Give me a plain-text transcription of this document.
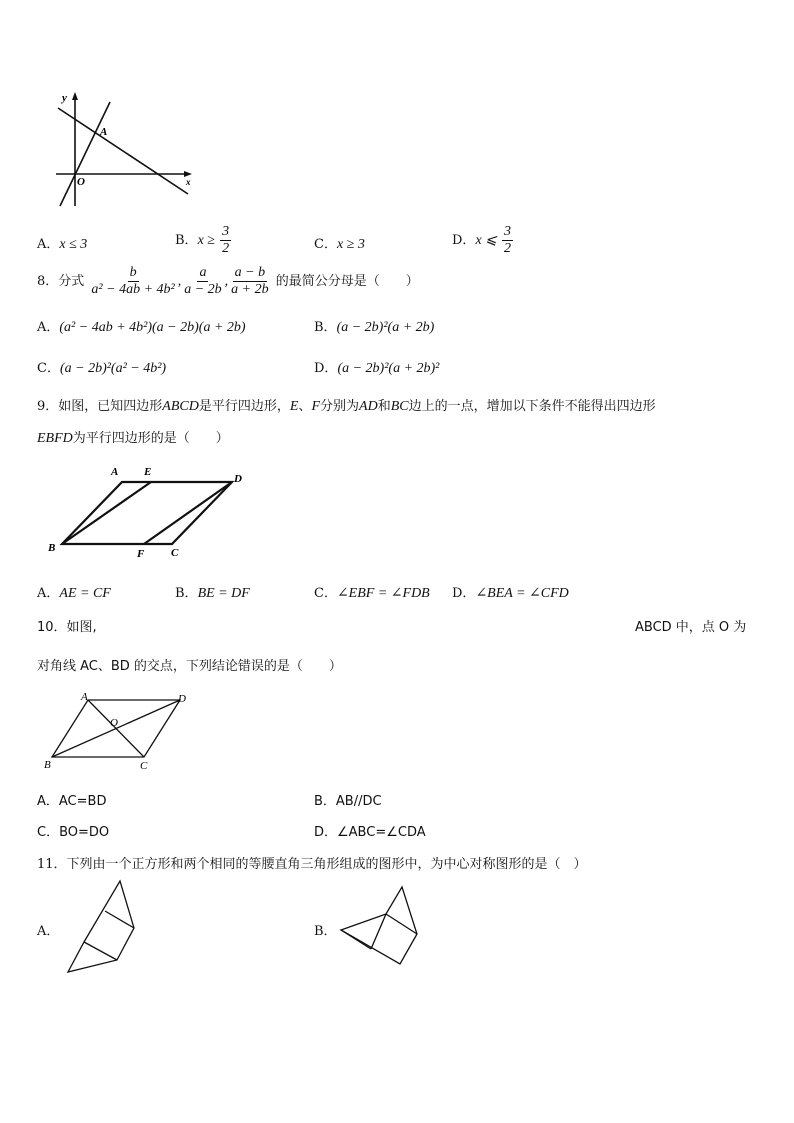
y
x
O
A
A．x ≤ 3	B．$x \ge \frac{3}{2}$	C．x ≥ 3	D．x ⩽ $\frac{3}{2}$
8．分式 $\frac{b}{\text{a² − 4ab + 4b²}}$ , $\frac{a}{a - 2b}$ , $\frac{a - b}{a + 2b}$ 的最简公分母是（　　）
A．(a² − 4ab + 4b²)(a − 2b)(a + 2b)	B．(a − 2b)²(a + 2b)
C．(a − 2b)²(a² − 4b²)	D．(a − 2b)²(a + 2b)²
9．如图，已知四边形ABCD是平行四边形，E、F分别为AD和BC边上的一点，增加以下条件不能得出四边形
EBFD为平行四边形的是（　　）
A E
D
B	F C
A．AE = CF	B．BE = DF	C．∠EBF = ∠FDB D．∠BEA = ∠CFD
10．如图,	ABCD 中，点 O 为
对角线 AC、BD 的交点，下列结论错误的是（　　）
A	D
O
B	C
A．AC=BD	B．AB//DC
C．BO=DO	D．∠ABC=∠CDA
11．下列由一个正方形和两个相同的等腰直角三角形组成的图形中，为中心对称图形的是（　）
A．	B．
